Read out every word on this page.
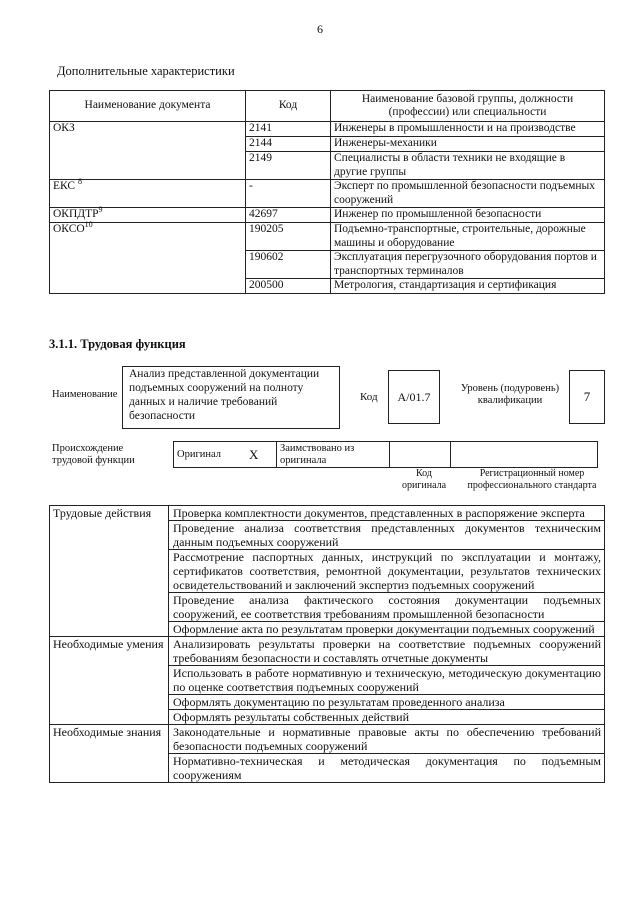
6
Дополнительные характеристики
Наименование документа	Код	Наименование базовой группы, должности (профессии) или специальности
ОКЗ	2141	Инженеры в промышленности и на производстве
	2144	Инженеры-механики
	2149	Специалисты в области техники не входящие в другие группы
ЕКС $^8$	-	Эксперт по промышленной безопасности подъемных сооружений
ОКПДТР$^9$	42697	Инженер по промышленной безопасности
ОКСО$^{10}$	190205	Подъемно-транспортные, строительные, дорожные машины и оборудование
	190602	Эксплуатация перегрузочного оборудования портов и транспортных терминалов
	200500	Метрология, стандартизация и сертификация
3.1.1. Трудовая функция
Наименование
Анализ представленной документации подъемных сооружений на полноту данных и наличие требований безопасности
Код	А/01.7
Уровень (подуровень) квалификации	7
Происхождение трудовой функции
Оригинал	X	Заимствовано из оригинала		
Код оригинала
Регистрационный номер профессионального стандарта
Трудовые действия	Проверка комплектности документов, представленных в распоряжение эксперта
	Проведение анализа соответствия представленных документов техническим данным подъемных сооружений
	Рассмотрение паспортных данных, инструкций по эксплуатации и монтажу, сертификатов соответствия, ремонтной документации, результатов технических освидетельствований и заключений экспертиз подъемных сооружений
	Проведение анализа фактического состояния документации подъемных сооружений, ее соответствия требованиям промышленной безопасности
	Оформление акта по результатам проверки документации подъемных сооружений
Необходимые умения	Анализировать результаты проверки на соответствие подъемных сооружений требованиям безопасности и составлять отчетные документы
	Использовать в работе нормативную и техническую, методическую документацию по оценке соответствия подъемных сооружений
	Оформлять документацию по результатам проведенного анализа
	Оформлять результаты собственных действий
Необходимые знания	Законодательные и нормативные правовые акты по обеспечению требований безопасности подъемных сооружений
	Нормативно-техническая и методическая документация по подъемным сооружениям
